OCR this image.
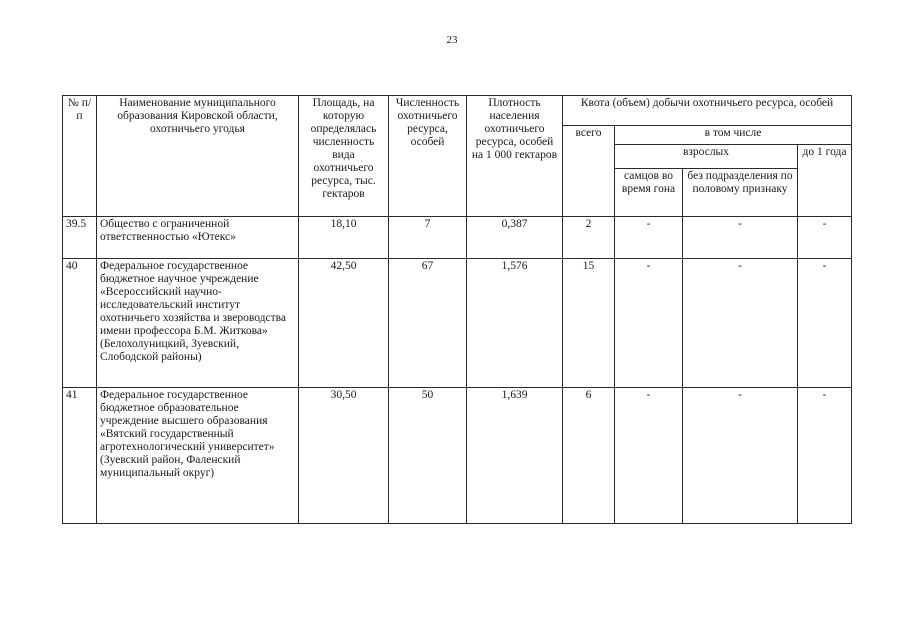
23
№ п/п	Наименование муниципального образования Кировской области, охотничьего угодья	Площадь, на которую определялась численность вида охотничьего ресурса, тыс. гектаров	Численность охотничьего ресурса, особей	Плотность населения охотничьего ресурса, особей на 1 000 гектаров	Квота (объем) добычи охотничьего ресурса, особей			
					всего	в том числе		
						взрослых		до 1 года
						самцов во время гона	без подразделения по половому признаку	
39.5	Общество с ограниченной ответственностью «Ютекс»	18,10	7	0,387	2	-	-	-
40	Федеральное государственное бюджетное научное учреждение «Всероссийский научно-исследовательский институт охотничьего хозяйства и звероводства имени профессора Б.М. Житкова» (Белохолуницкий, Зуевский, Слободской районы)	42,50	67	1,576	15	-	-	-
41	Федеральное государственное бюджетное образовательное учреждение высшего образования «Вятский государственный агротехнологический университет» (Зуевский район, Фаленский муниципальный округ)	30,50	50	1,639	6	-	-	-
